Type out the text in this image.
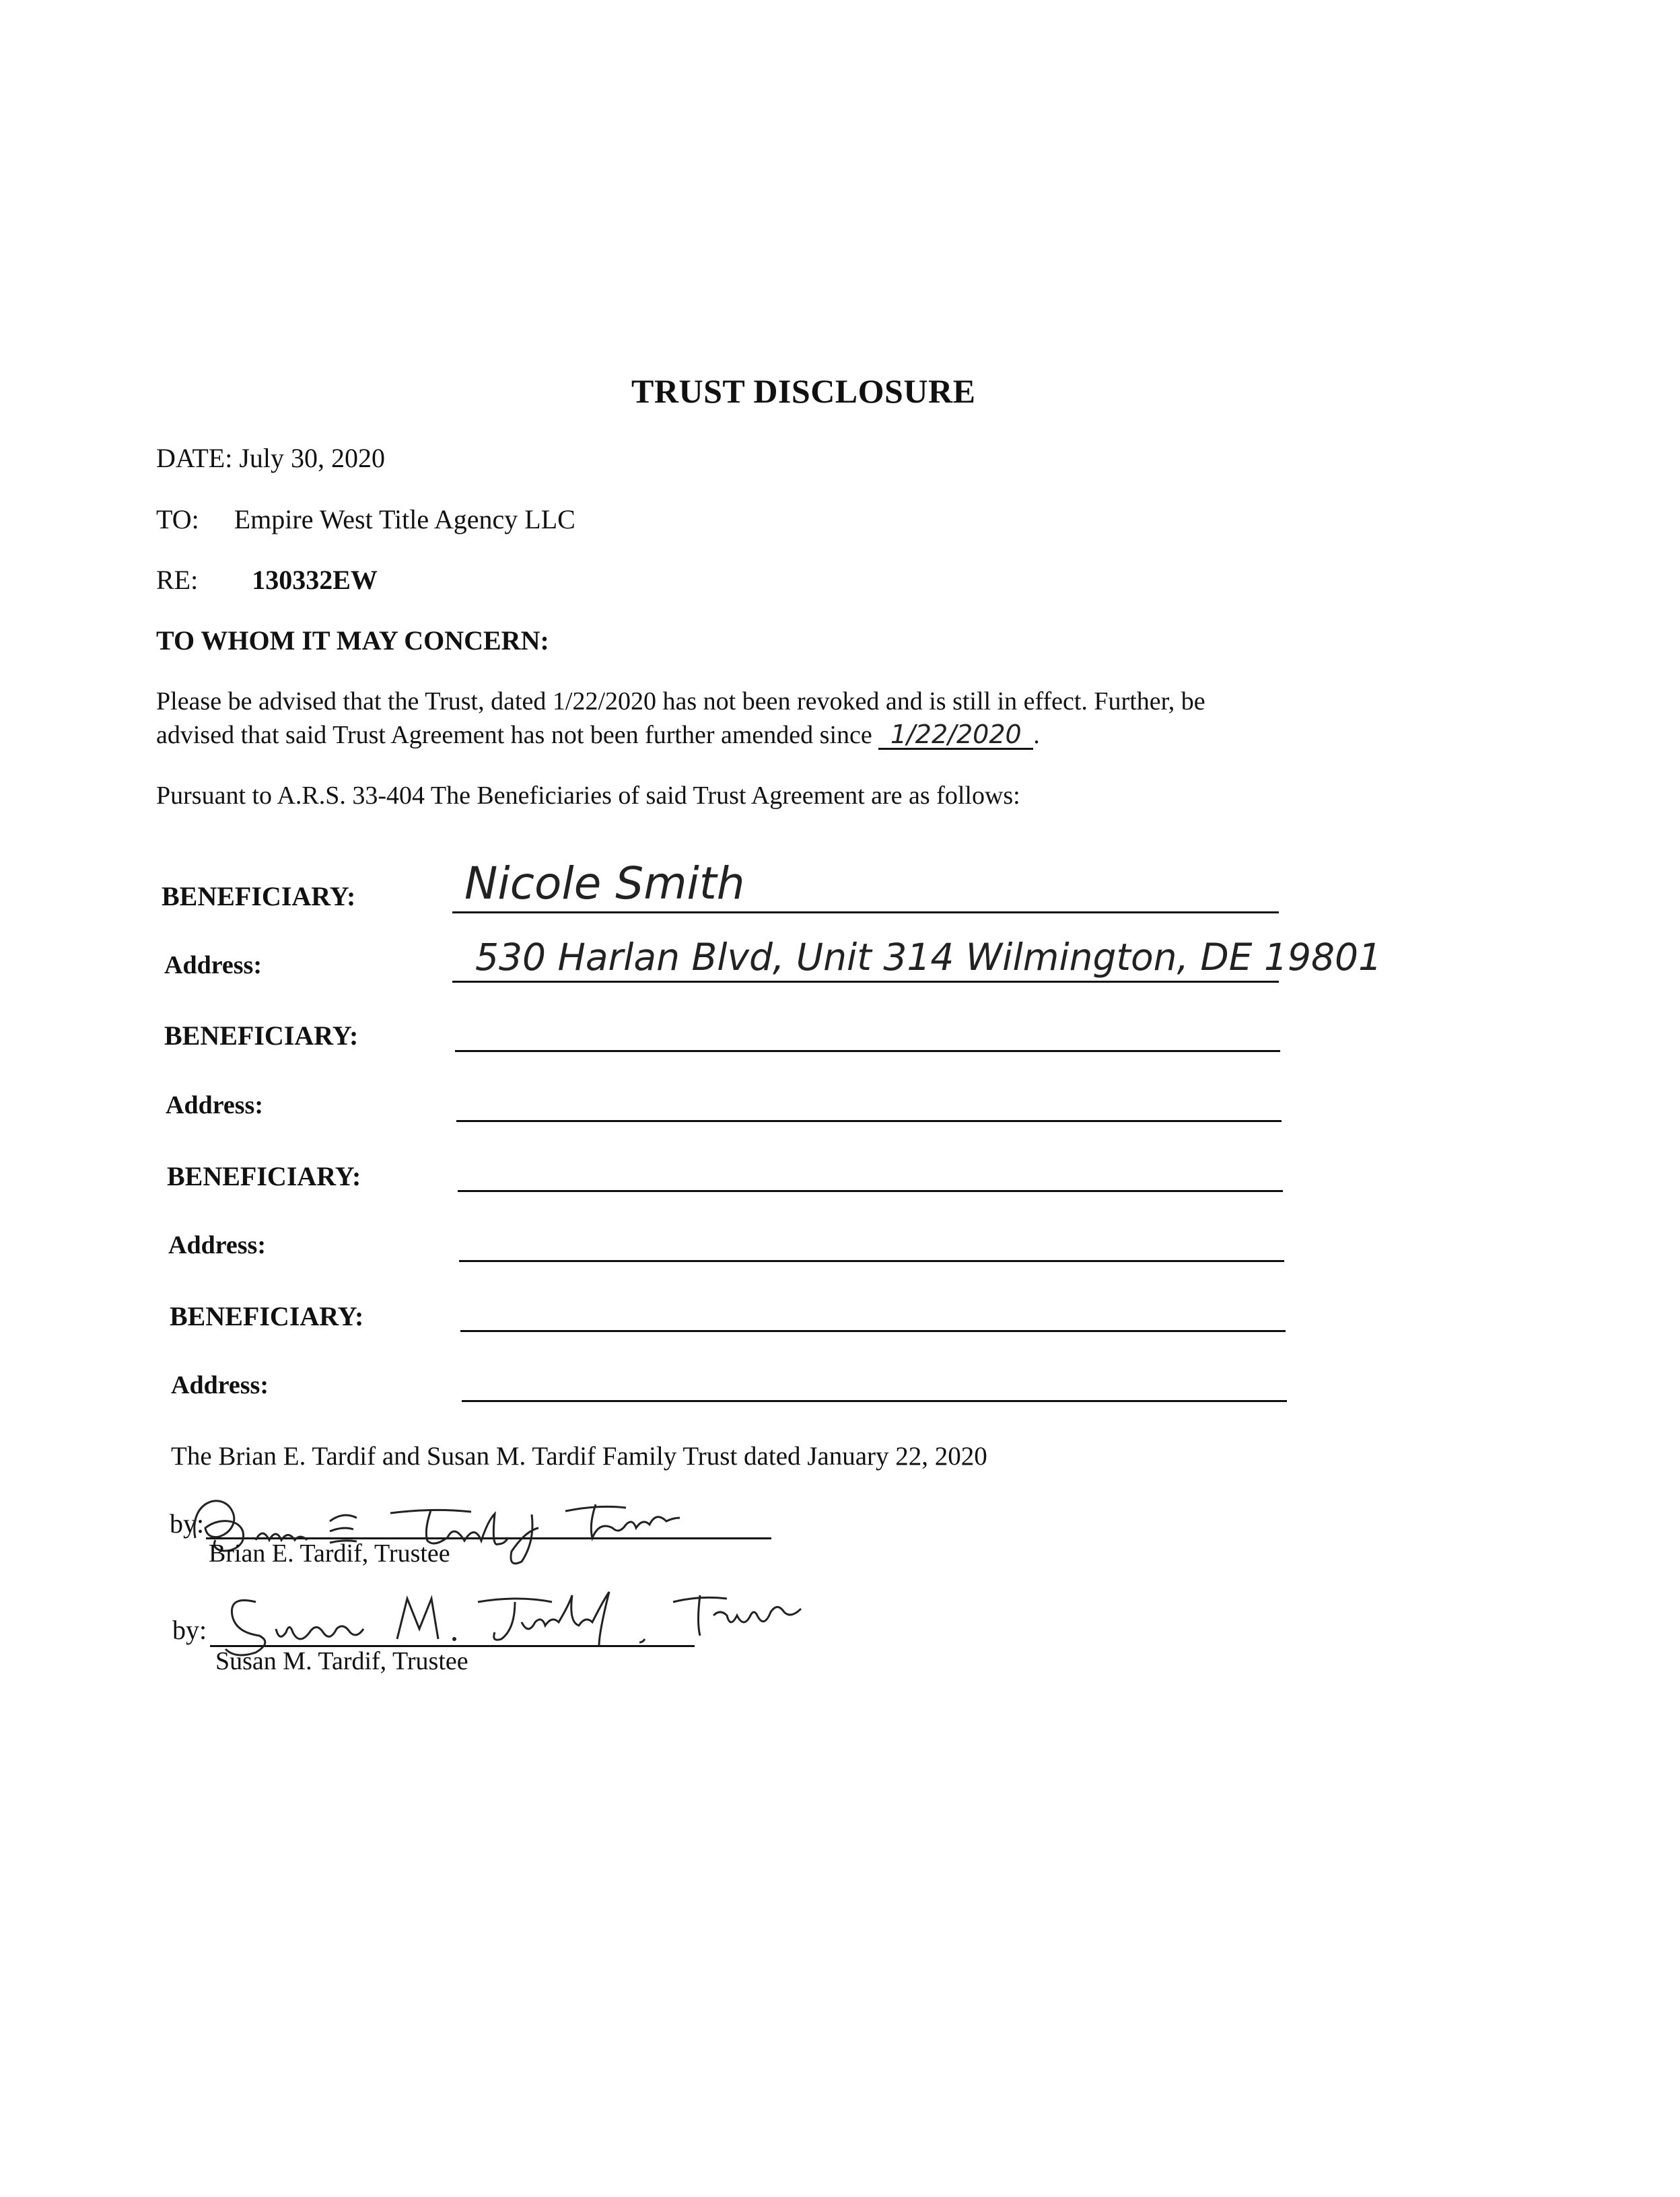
TRUST DISCLOSURE
DATE: July 30, 2020
TO: Empire West Title Agency LLC
RE: 130332EW
TO WHOM IT MAY CONCERN:
Please be advised that the Trust, dated 1/22/2020 has not been revoked and is still in effect. Further, be
advised that said Trust Agreement has not been further amended since 1/22/2020 .
Pursuant to A.R.S. 33-404 The Beneficiaries of said Trust Agreement are as follows:
BENEFICIARY: Nicole Smith
Address:	530 Harlan Blvd, Unit 314 Wilmington, DE 19801
BENEFICIARY:
Address:
BENEFICIARY:
Address:
BENEFICIARY:
Address:
The Brian E. Tardif and Susan M. Tardif Family Trust dated January 22, 2020
by:
Brian E. Tardif, Trustee
by:
Susan M. Tardif, Trustee
